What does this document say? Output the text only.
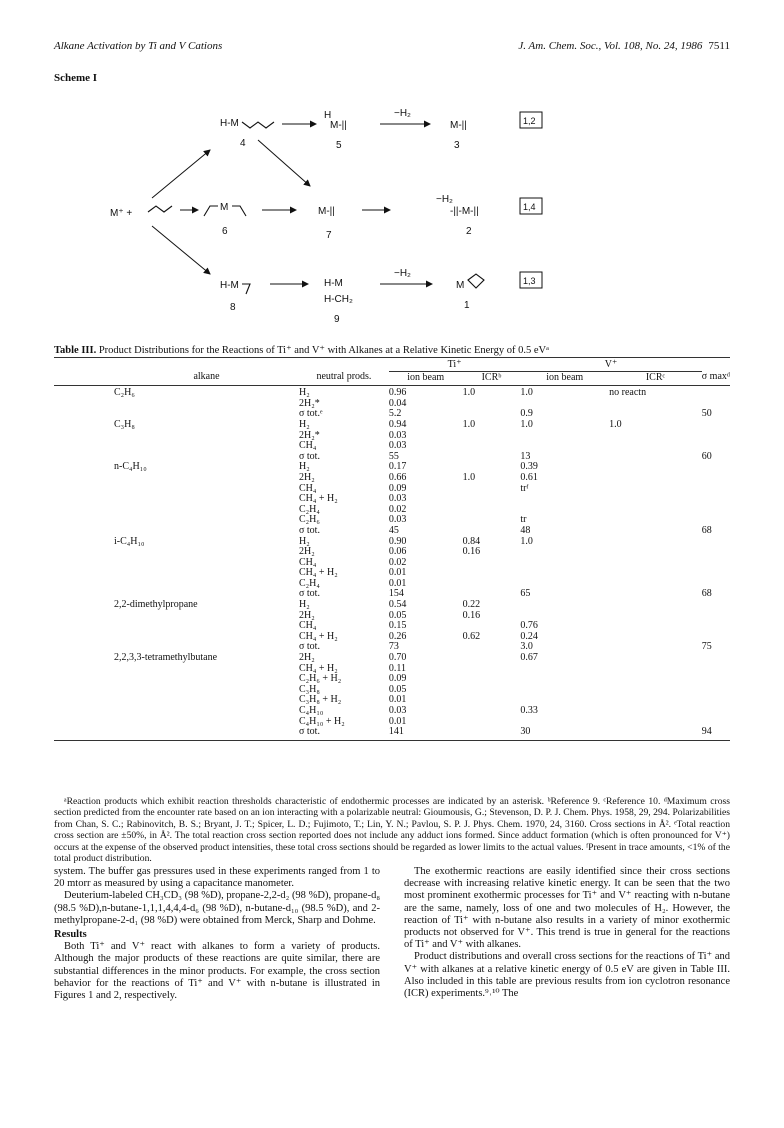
Alkane Activation by Ti and V Cations	J. Am. Chem. Soc., Vol. 108, No. 24, 1986 7511
Scheme I
M⁺ +
H-M
4
H
M-||
5
−H₂
M-||
3
1,2
M
6
M-||
7
−H₂
-||-M-||
2
1,4
H-M
8
H-M
H-CH₂
9
−H₂
M
1
1,3
Table III. Product Distributions for the Reactions of Ti⁺ and V⁺ with Alkanes at a Relative Kinetic Energy of 0.5 eVᵃ
		Ti⁺		V⁺		
alkane	neutral prods.	ion beam	ICRᵇ	ion beam	ICRᶜ	σ maxᵈ
C₂H₆	H₂	0.96	1.0	1.0	no reactn	
	2H₂*	0.04				
	σ tot.ᵉ	5.2		0.9		50
C₃H₈	H₂	0.94	1.0	1.0	1.0	
	2H₂*	0.03				
	CH₄	0.03				
	σ tot.	55		13		60
n-C₄H₁₀	H₂	0.17		0.39		
	2H₂	0.66	1.0	0.61		
	CH₄	0.09		trᶠ		
	CH₄ + H₂	0.03				
	C₂H₄	0.02				
	C₂H₆	0.03		tr		
	σ tot.	45		48		68
i-C₄H₁₀	H₂	0.90	0.84	1.0		
	2H₂	0.06	0.16			
	CH₄	0.02				
	CH₄ + H₂	0.01				
	C₂H₄	0.01				
	σ tot.	154		65		68
2,2-dimethylpropane	H₂	0.54	0.22			
	2H₂	0.05	0.16			
	CH₄	0.15		0.76		
	CH₄ + H₂	0.26	0.62	0.24		
	σ tot.	73		3.0		75
2,2,3,3-tetramethylbutane	2H₂	0.70		0.67		
	CH₄ + H₂	0.11				
	C₂H₆ + H₂	0.09				
	C₃H₈	0.05				
	C₃H₈ + H₂	0.01				
	C₄H₁₀	0.03		0.33		
	C₄H₁₀ + H₂	0.01				
	σ tot.	141		30		94

ᵃReaction products which exhibit reaction thresholds characteristic of endothermic processes are indicated by an asterisk. ᵇReference 9. ᶜReference 10. ᵈMaximum cross section predicted from the encounter rate based on an ion interacting with a polarizable neutral: Gioumousis, G.; Stevenson, D. P. J. Chem. Phys. 1958, 29, 294. Polarizabilities from Chan, S. C.; Rabinovitch, B. S.; Bryant, J. T.; Spicer, L. D.; Fujimoto, T.; Lin, Y. N.; Pavlou, S. P. J. Phys. Chem. 1970, 24, 3160. Cross sections in Å². ᵉTotal reaction cross section are ±50%, in Å². The total reaction cross section reported does not include any adduct ions formed. Since adduct formation (which is often pronounced for V⁺) occurs at the expense of the observed product intensities, these total cross sections should be regarded as lower limits to the actual values. ᶠPresent in trace amounts, <1% of the total product distribution.

system. The buffer gas pressures used in these experiments ranged from 1 to 20 mtorr as measured by using a capacitance manometer.

Deuterium-labeled CH₃CD₃ (98 %D), propane-2,2-d₂ (98 %D), propane-d₈ (98.5 %D),n-butane-1,1,1,4,4,4-d₆ (98 %D), n-butane-d₁₀ (98.5 %D), and 2-methylpropane-2-d₁ (98 %D) were obtained from Merck, Sharp and Dohme.

Results

Both Ti⁺ and V⁺ react with alkanes to form a variety of products. Although the major products of these reactions are quite similar, there are substantial differences in the minor products. For example, the cross section behavior for the reactions of Ti⁺ and V⁺ with n-butane is illustrated in Figures 1 and 2, respectively.

The exothermic reactions are easily identified since their cross sections decrease with increasing relative kinetic energy. It can be seen that the two most prominent exothermic processes for Ti⁺ and V⁺ reacting with n-butane are the same, namely, loss of one and two molecules of H₂. However, the reaction of Ti⁺ with n-butane also results in a variety of minor exothermic products not observed for V⁺. This trend is true in general for the reactions of Ti⁺ and V⁺ with alkanes.

Product distributions and overall cross sections for the reactions of Ti⁺ and V⁺ with alkanes at a relative kinetic energy of 0.5 eV are given in Table III. Also included in this table are previous results from ion cyclotron resonance (ICR) experiments.⁹˒¹⁰ The
